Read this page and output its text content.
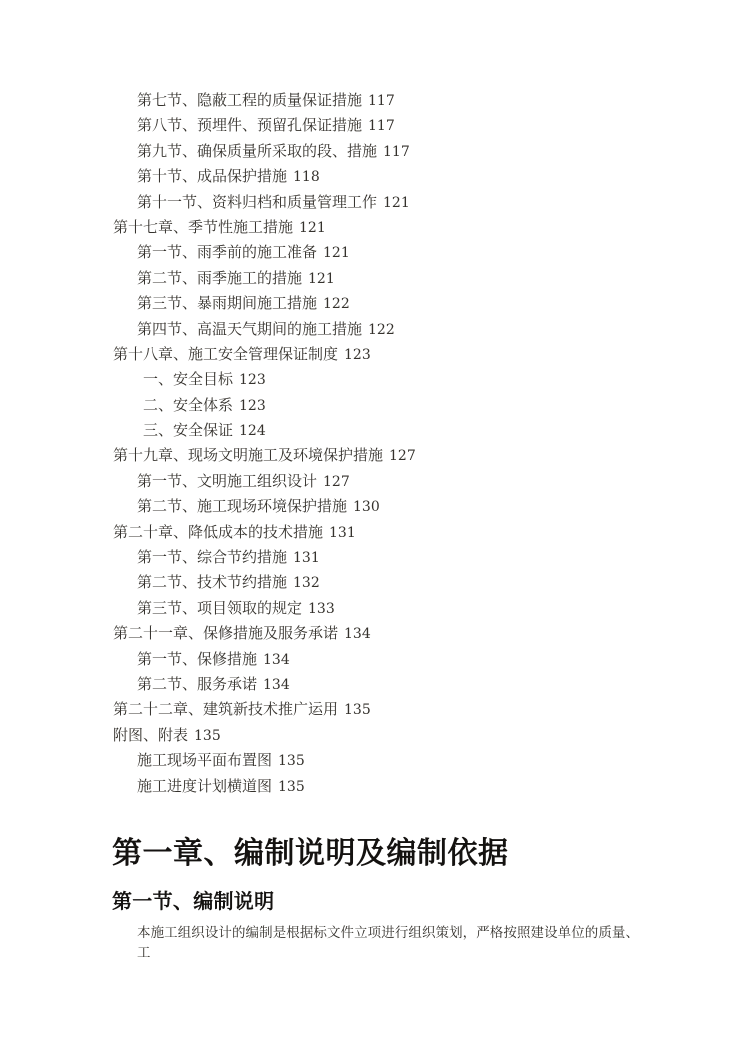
第七节、隐蔽工程的质量保证措施 117
第八节、预埋件、预留孔保证措施 117
第九节、确保质量所采取的段、措施 117
第十节、成品保护措施 118
第十一节、资料归档和质量管理工作 121
第十七章、季节性施工措施 121
第一节、雨季前的施工准备 121
第二节、雨季施工的措施 121
第三节、暴雨期间施工措施 122
第四节、高温天气期间的施工措施 122
第十八章、施工安全管理保证制度 123
一、安全目标 123
二、安全体系 123
三、安全保证 124
第十九章、现场文明施工及环境保护措施 127
第一节、文明施工组织设计 127
第二节、施工现场环境保护措施 130
第二十章、降低成本的技术措施 131
第一节、综合节约措施 131
第二节、技术节约措施 132
第三节、项目领取的规定 133
第二十一章、保修措施及服务承诺 134
第一节、保修措施 134
第二节、服务承诺 134
第二十二章、建筑新技术推广运用 135
附图、附表 135
施工现场平面布置图 135
施工进度计划横道图 135
第一章、编制说明及编制依据
第一节、编制说明

本施工组织设计的编制是根据标文件立项进行组织策划，严格按照建设单位的质量、工
